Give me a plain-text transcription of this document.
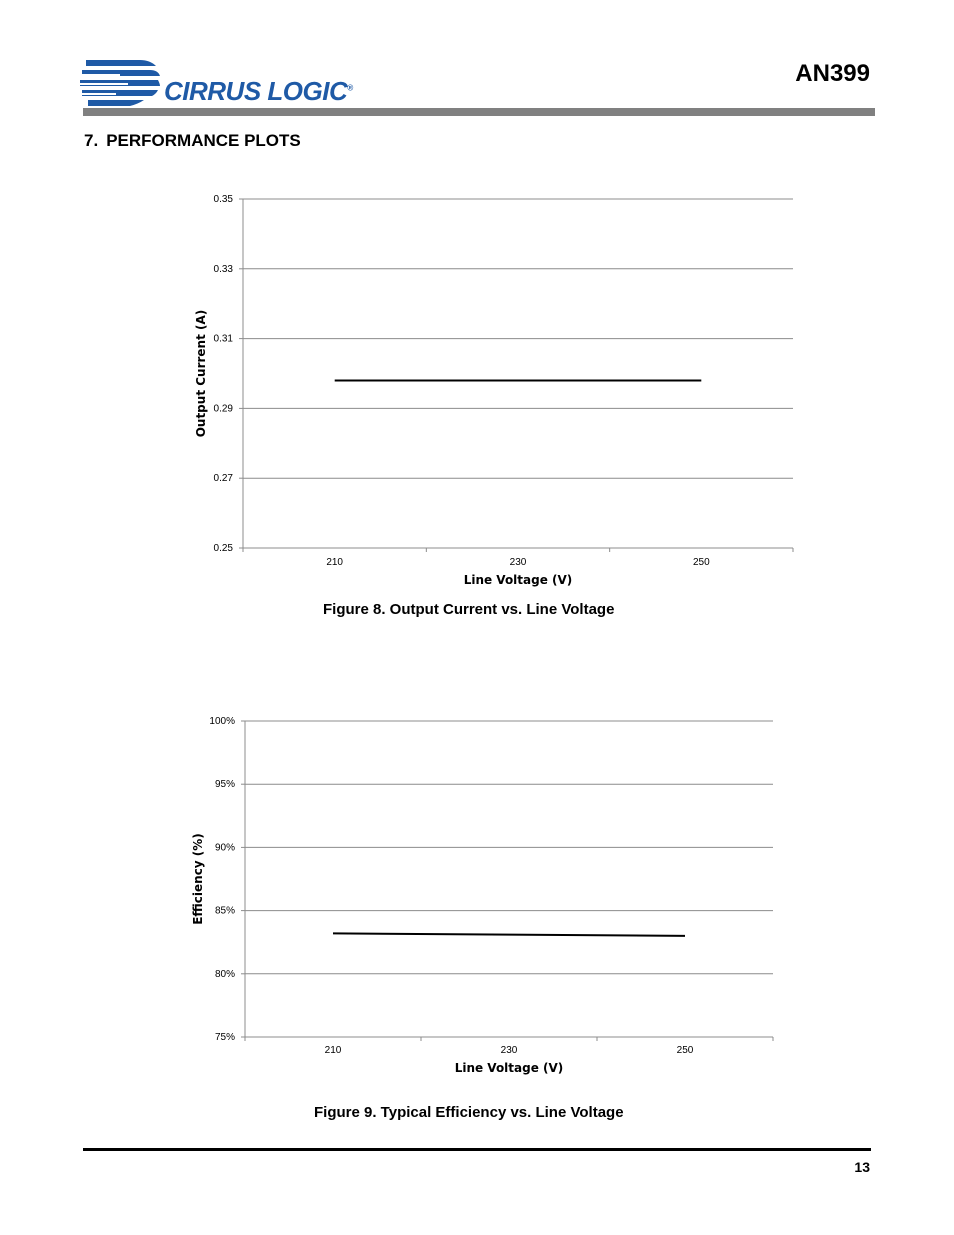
CIRRUS LOGIC®
AN399
7. PERFORMANCE PLOTS
0.35
0.33
0.31
0.29
0.27
0.25
210	230	250
Line Voltage (V)
Output Current (A)
Figure 8. Output Current vs. Line Voltage
100%
95%
90%
85%
80%
75%
210	230	250
Line Voltage (V)
Efficiency (%)
Figure 9. Typical Efficiency vs. Line Voltage
13
